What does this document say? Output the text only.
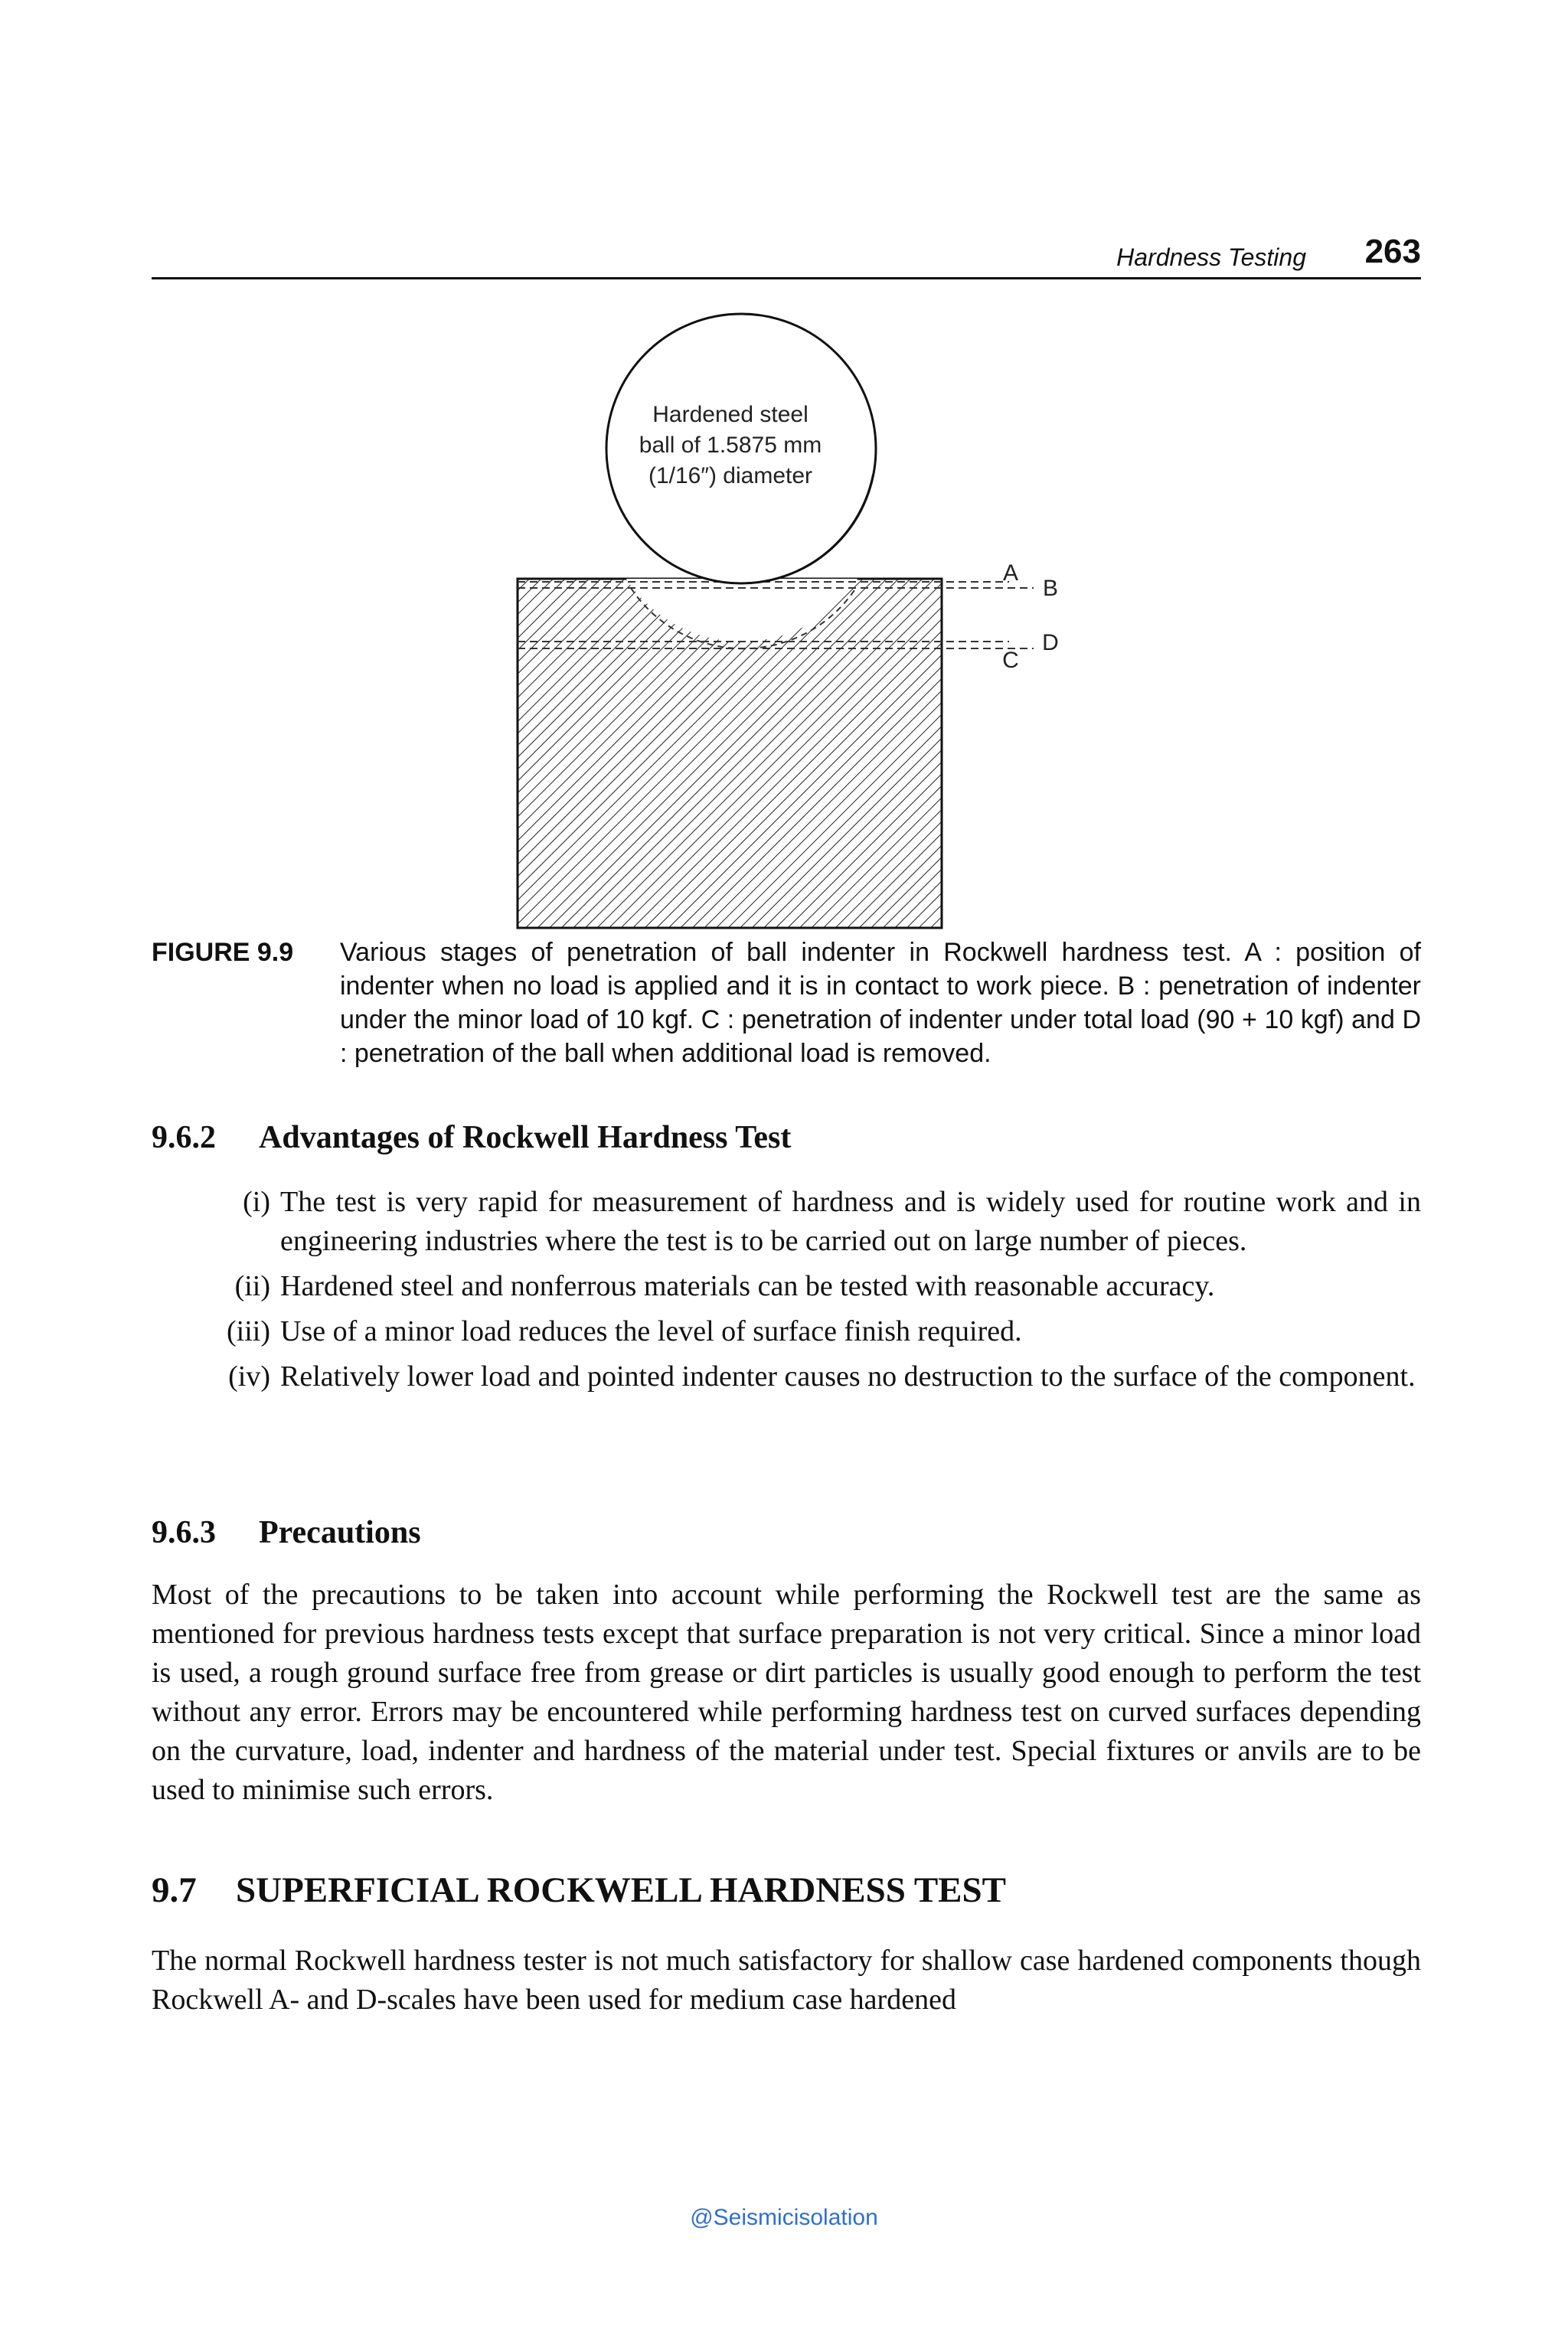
Hardness Testing 263
Hardened steel
ball of 1.5875 mm
(1/16″) diameter
A
B
C
D
FIGURE 9.9 Various stages of penetration of ball indenter in Rockwell hardness test. A : position of indenter when no load is applied and it is in contact to work piece. B : penetration of indenter under the minor load of 10 kgf. C : penetration of indenter under total load (90 + 10 kgf) and D : penetration of the ball when additional load is removed.
9.6.2 Advantages of Rockwell Hardness Test
(i) The test is very rapid for measurement of hardness and is widely used for routine work and in engineering industries where the test is to be carried out on large number of pieces.
(ii) Hardened steel and nonferrous materials can be tested with reasonable accuracy.
(iii) Use of a minor load reduces the level of surface finish required.
(iv) Relatively lower load and pointed indenter causes no destruction to the surface of the component.
9.6.3 Precautions

Most of the precautions to be taken into account while performing the Rockwell test are the same as mentioned for previous hardness tests except that surface preparation is not very critical. Since a minor load is used, a rough ground surface free from grease or dirt particles is usually good enough to perform the test without any error. Errors may be encountered while performing hardness test on curved surfaces depending on the curvature, load, indenter and hardness of the material under test. Special fixtures or anvils are to be used to minimise such errors.

9.7 SUPERFICIAL ROCKWELL HARDNESS TEST

The normal Rockwell hardness tester is not much satisfactory for shallow case hardened components though Rockwell A- and D-scales have been used for medium case hardened

@Seismicisolation
